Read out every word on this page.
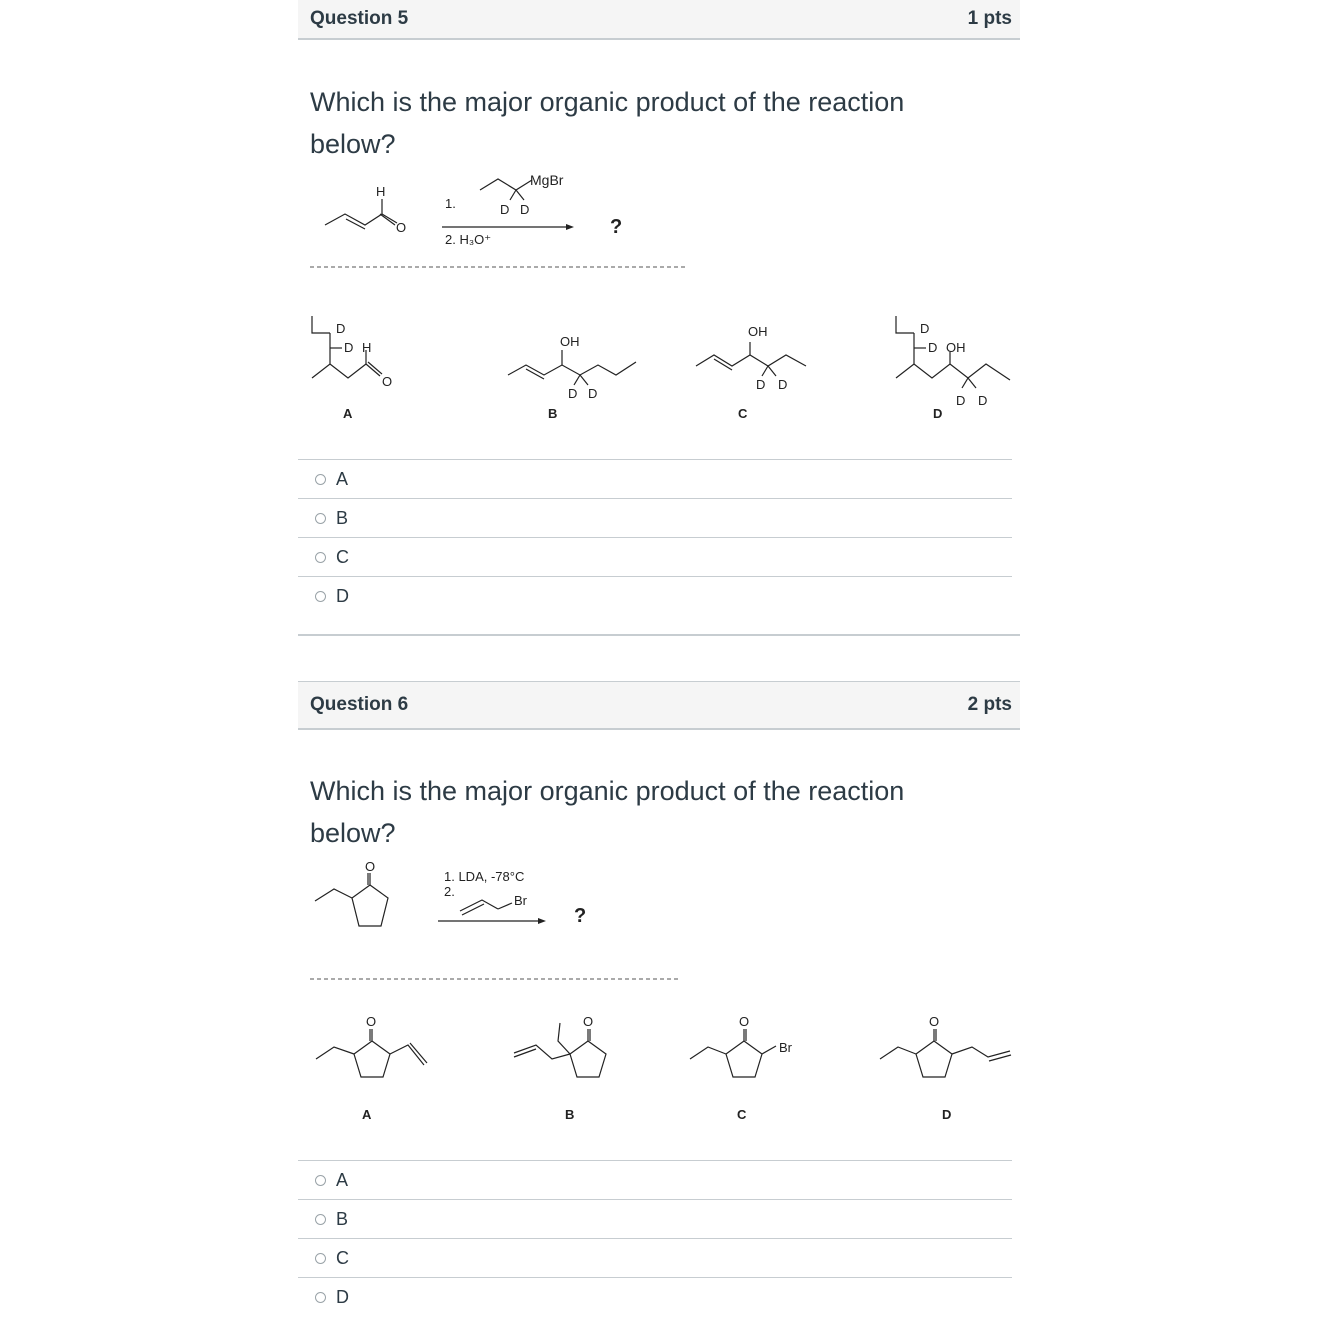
Question 5	1 pts
Which is the major organic product of the reaction below?
H
O
1.
MgBr
D D
2. H₃O⁺
?
D
D H
O
OH
D D
OH
D D
D
D OH
D D
A	B	C	D
A
B
C
D
Question 6	2 pts
Which is the major organic product of the reaction below?
O
1. LDA, -78°C
2.
Br
?
O	O	O
Br
O
A	B	C	D
A
B
C
D
